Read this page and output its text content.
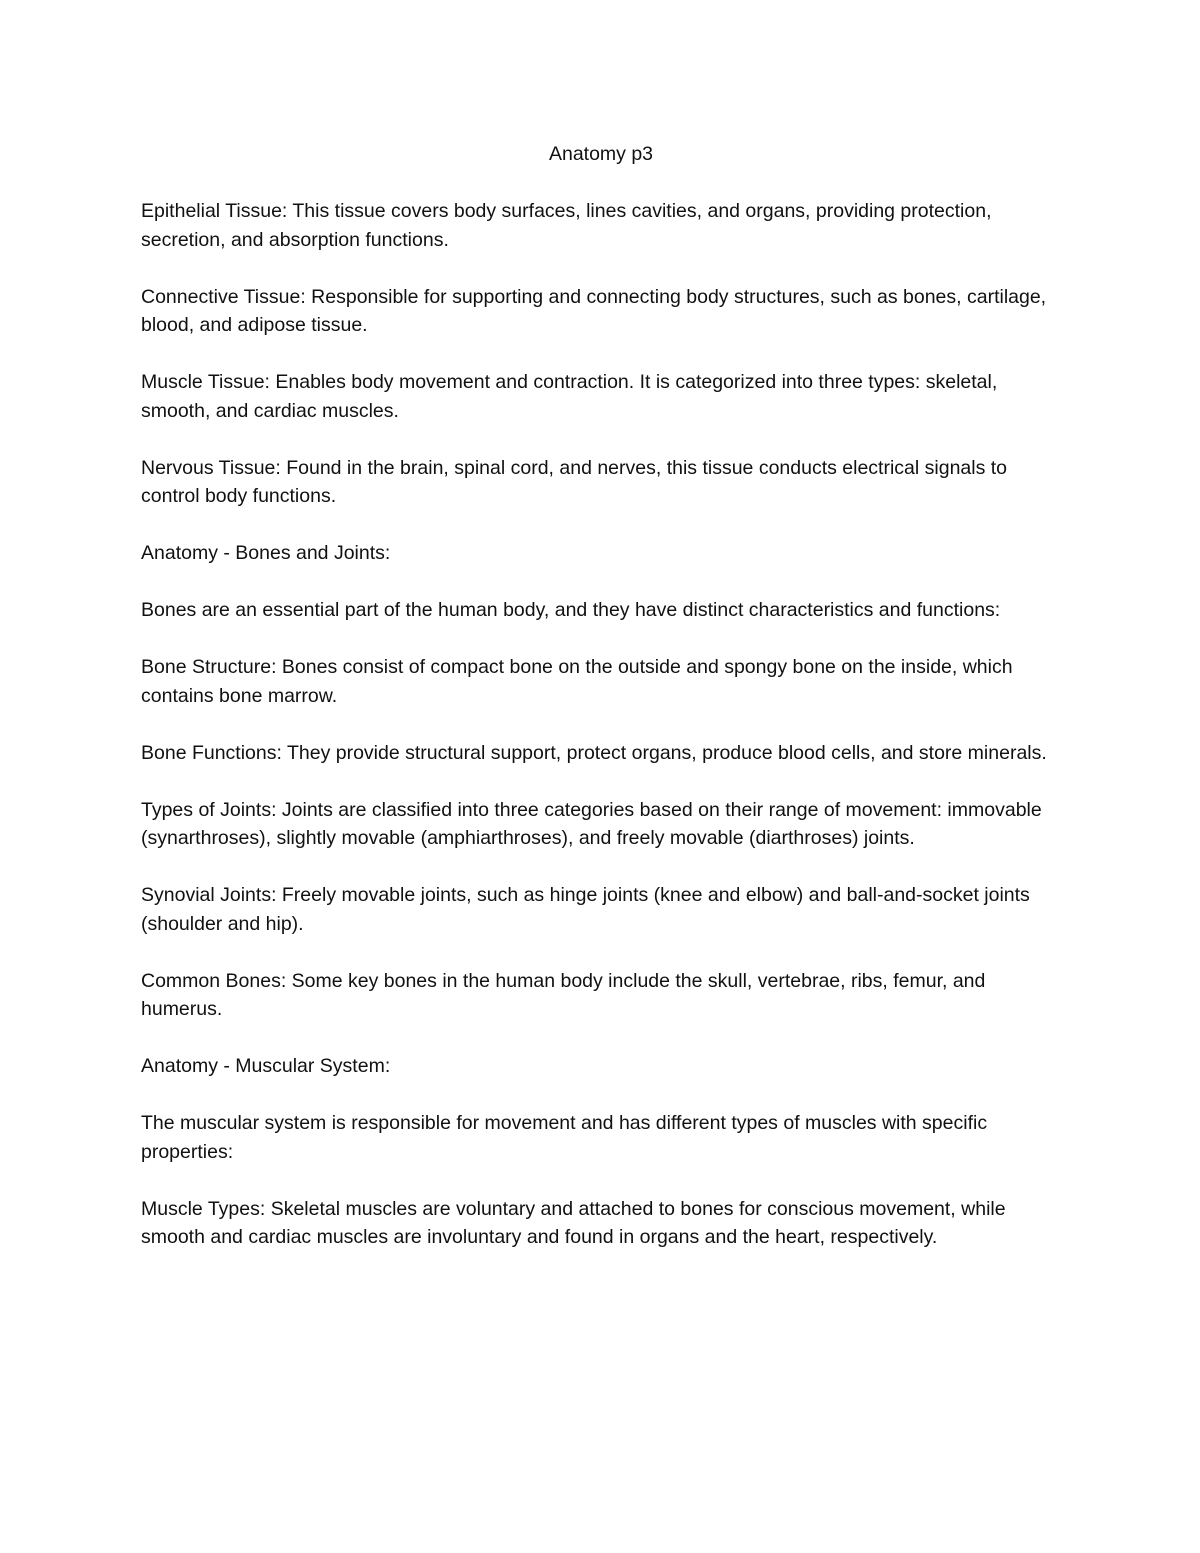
Anatomy p3

Epithelial Tissue: This tissue covers body surfaces, lines cavities, and organs, providing protection, secretion, and absorption functions.

Connective Tissue: Responsible for supporting and connecting body structures, such as bones, cartilage, blood, and adipose tissue.

Muscle Tissue: Enables body movement and contraction. It is categorized into three types: skeletal, smooth, and cardiac muscles.

Nervous Tissue: Found in the brain, spinal cord, and nerves, this tissue conducts electrical signals to control body functions.

Anatomy - Bones and Joints:

Bones are an essential part of the human body, and they have distinct characteristics and functions:

Bone Structure: Bones consist of compact bone on the outside and spongy bone on the inside, which contains bone marrow.

Bone Functions: They provide structural support, protect organs, produce blood cells, and store minerals.

Types of Joints: Joints are classified into three categories based on their range of movement: immovable (synarthroses), slightly movable (amphiarthroses), and freely movable (diarthroses) joints.

Synovial Joints: Freely movable joints, such as hinge joints (knee and elbow) and ball-and-socket joints (shoulder and hip).

Common Bones: Some key bones in the human body include the skull, vertebrae, ribs, femur, and humerus.

Anatomy - Muscular System:

The muscular system is responsible for movement and has different types of muscles with specific properties:

Muscle Types: Skeletal muscles are voluntary and attached to bones for conscious movement, while smooth and cardiac muscles are involuntary and found in organs and the heart, respectively.
